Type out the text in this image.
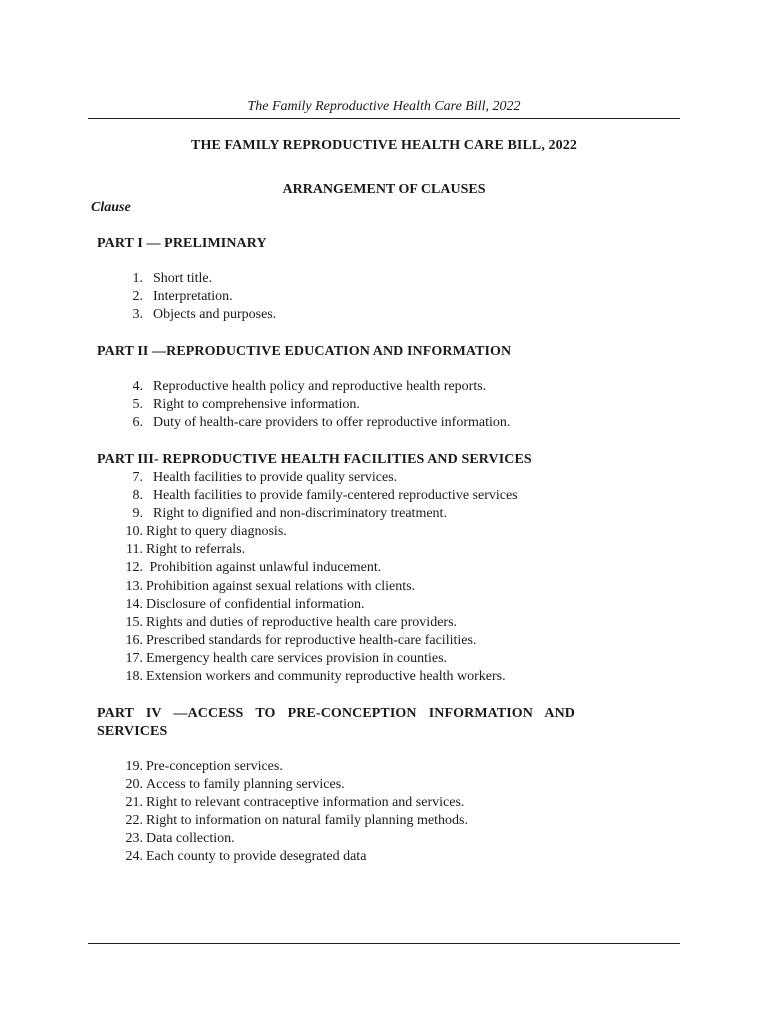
The Family Reproductive Health Care Bill, 2022
THE FAMILY REPRODUCTIVE HEALTH CARE BILL, 2022
ARRANGEMENT OF CLAUSES
Clause
PART I — PRELIMINARY
1. Short title.
2. Interpretation.
3. Objects and purposes.
PART II —REPRODUCTIVE EDUCATION AND INFORMATION
4. Reproductive health policy and reproductive health reports.
5. Right to comprehensive information.
6. Duty of health-care providers to offer reproductive information.
PART III- REPRODUCTIVE HEALTH FACILITIES AND SERVICES
7. Health facilities to provide quality services.
8. Health facilities to provide family-centered reproductive services
9. Right to dignified and non-discriminatory treatment.
10. Right to query diagnosis.
11. Right to referrals.
12. Prohibition against unlawful inducement.
13. Prohibition against sexual relations with clients.
14. Disclosure of confidential information.
15. Rights and duties of reproductive health care providers.
16. Prescribed standards for reproductive health-care facilities.
17. Emergency health care services provision in counties.
18. Extension workers and community reproductive health workers.
PART IV —ACCESS TO PRE-CONCEPTION INFORMATION AND SERVICES
19. Pre-conception services.
20. Access to family planning services.
21. Right to relevant contraceptive information and services.
22. Right to information on natural family planning methods.
23. Data collection.
24. Each county to provide desegrated data
